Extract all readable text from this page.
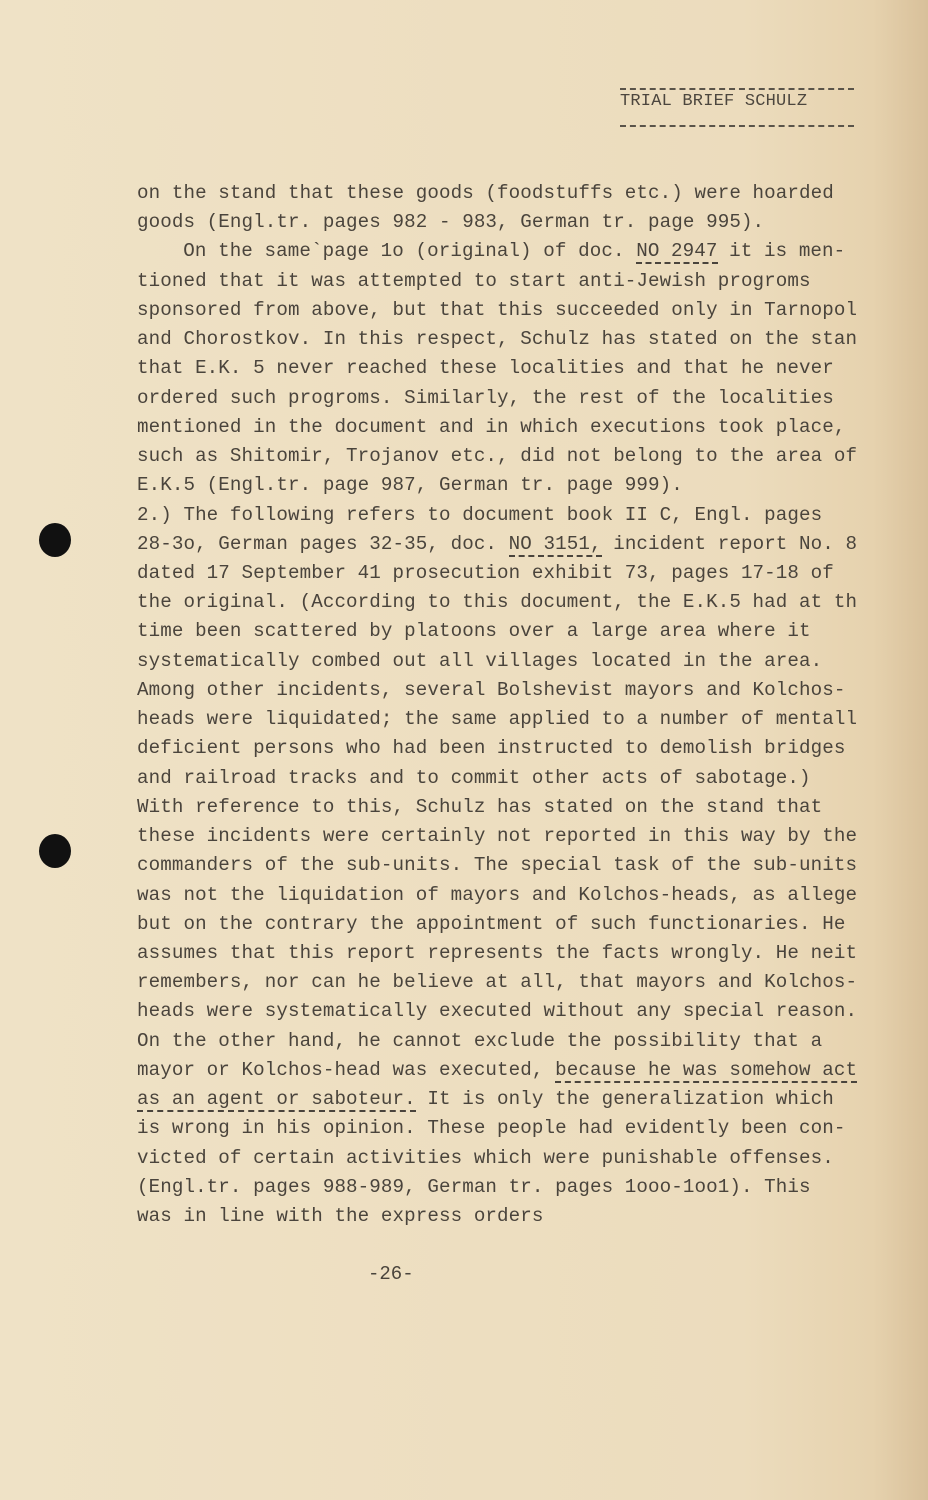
TRIAL BRIEF SCHULZ
on the stand that these goods (foodstuffs etc.) were hoarded
goods (Engl.tr. pages 982 - 983, German tr. page 995).
On the same`page 1o (original) of doc. NO 2947 it is men-
tioned that it was attempted to start anti-Jewish progroms
sponsored from above, but that this succeeded only in Tarnopol
and Chorostkov. In this respect, Schulz has stated on the stan
that E.K. 5 never reached these localities and that he never
ordered such progroms. Similarly, the rest of the localities
mentioned in the document and in which executions took place,
such as Shitomir, Trojanov etc., did not belong to the area of
E.K.5 (Engl.tr. page 987, German tr. page 999).
2.) The following refers to document book II C, Engl. pages
28-3o, German pages 32-35, doc. NO 3151, incident report No. 8
dated 17 September 41 prosecution exhibit 73, pages 17-18 of
the original. (According to this document, the E.K.5 had at th
time been scattered by platoons over a large area where it
systematically combed out all villages located in the area.
Among other incidents, several Bolshevist mayors and Kolchos-
heads were liquidated; the same applied to a number of mentall
deficient persons who had been instructed to demolish bridges
and railroad tracks and to commit other acts of sabotage.)
With reference to this, Schulz has stated on the stand that
these incidents were certainly not reported in this way by the
commanders of the sub-units. The special task of the sub-units
was not the liquidation of mayors and Kolchos-heads, as allege
but on the contrary the appointment of such functionaries. He
assumes that this report represents the facts wrongly. He neit
remembers, nor can he believe at all, that mayors and Kolchos-
heads were systematically executed without any special reason.
On the other hand, he cannot exclude the possibility that a
mayor or Kolchos-head was executed, because he was somehow act
as an agent or saboteur. It is only the generalization which
is wrong in his opinion. These people had evidently been con-
victed of certain activities which were punishable offenses.
(Engl.tr. pages 988-989, German tr. pages 1ooo-1oo1). This
was in line with the express orders
-26-
